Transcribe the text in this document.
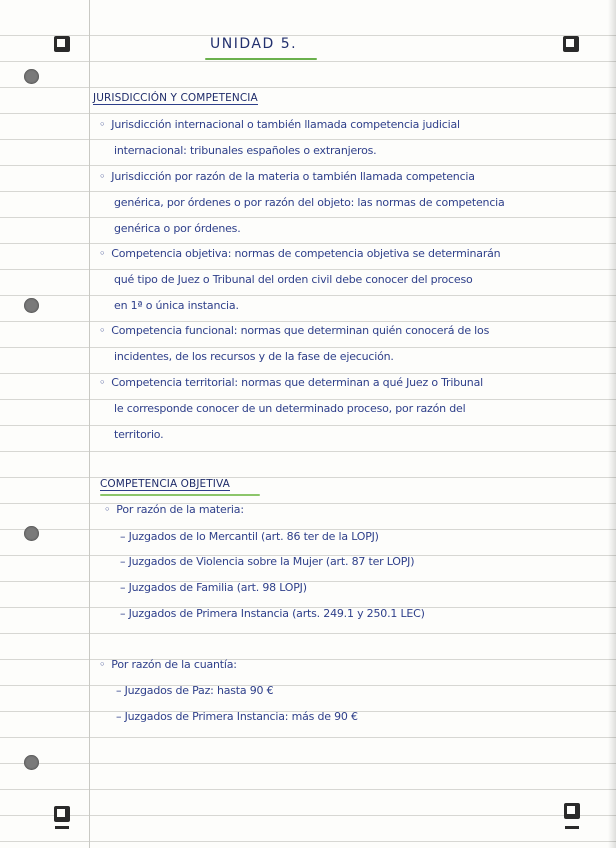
UNIDAD 5.
JURISDICCIÓN Y COMPETENCIA
◦ Jurisdicción internacional o también llamada competencia judicial
internacional: tribunales españoles o extranjeros.
◦ Jurisdicción por razón de la materia o también llamada competencia
genérica, por órdenes o por razón del objeto: las normas de competencia
genérica o por órdenes.
◦ Competencia objetiva: normas de competencia objetiva se determinarán
qué tipo de Juez o Tribunal del orden civil debe conocer del proceso
en 1ª o única instancia.
◦ Competencia funcional: normas que determinan quién conocerá de los
incidentes, de los recursos y de la fase de ejecución.
◦ Competencia territorial: normas que determinan a qué Juez o Tribunal
le corresponde conocer de un determinado proceso, por razón del
territorio.
COMPETENCIA OBJETIVA
◦ Por razón de la materia:
– Juzgados de lo Mercantil (art. 86 ter de la LOPJ)
– Juzgados de Violencia sobre la Mujer (art. 87 ter LOPJ)
– Juzgados de Familia (art. 98 LOPJ)
– Juzgados de Primera Instancia (arts. 249.1 y 250.1 LEC)
◦ Por razón de la cuantía:
– Juzgados de Paz: hasta 90 €
– Juzgados de Primera Instancia: más de 90 €
